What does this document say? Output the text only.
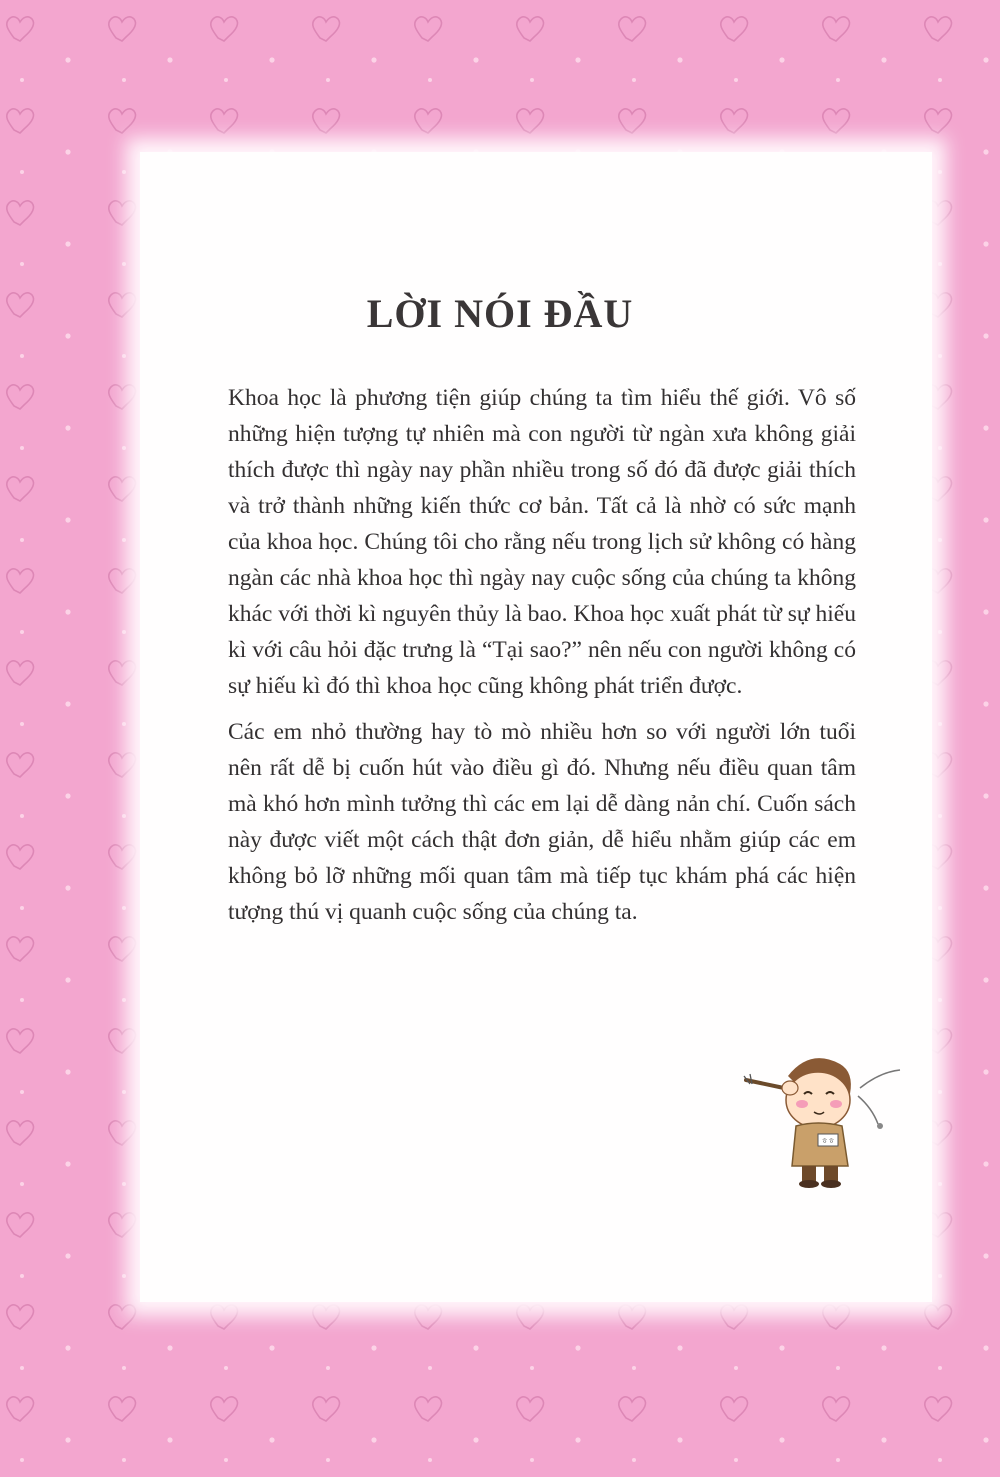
LỜI NÓI ĐẦU

Khoa học là phương tiện giúp chúng ta tìm hiểu thế giới. Vô số những hiện tượng tự nhiên mà con người từ ngàn xưa không giải thích được thì ngày nay phần nhiều trong số đó đã được giải thích và trở thành những kiến thức cơ bản. Tất cả là nhờ có sức mạnh của khoa học. Chúng tôi cho rằng nếu trong lịch sử không có hàng ngàn các nhà khoa học thì ngày nay cuộc sống của chúng ta không khác với thời kì nguyên thủy là bao. Khoa học xuất phát từ sự hiếu kì với câu hỏi đặc trưng là “Tại sao?” nên nếu con người không có sự hiếu kì đó thì khoa học cũng không phát triển được.

Các em nhỏ thường hay tò mò nhiều hơn so với người lớn tuổi nên rất dễ bị cuốn hút vào điều gì đó. Nhưng nếu điều quan tâm mà khó hơn mình tưởng thì các em lại dễ dàng nản chí. Cuốn sách này được viết một cách thật đơn giản, dễ hiểu nhằm giúp các em không bỏ lỡ những mối quan tâm mà tiếp tục khám phá các hiện tượng thú vị quanh cuộc sống của chúng ta.

ㅎㅎ
